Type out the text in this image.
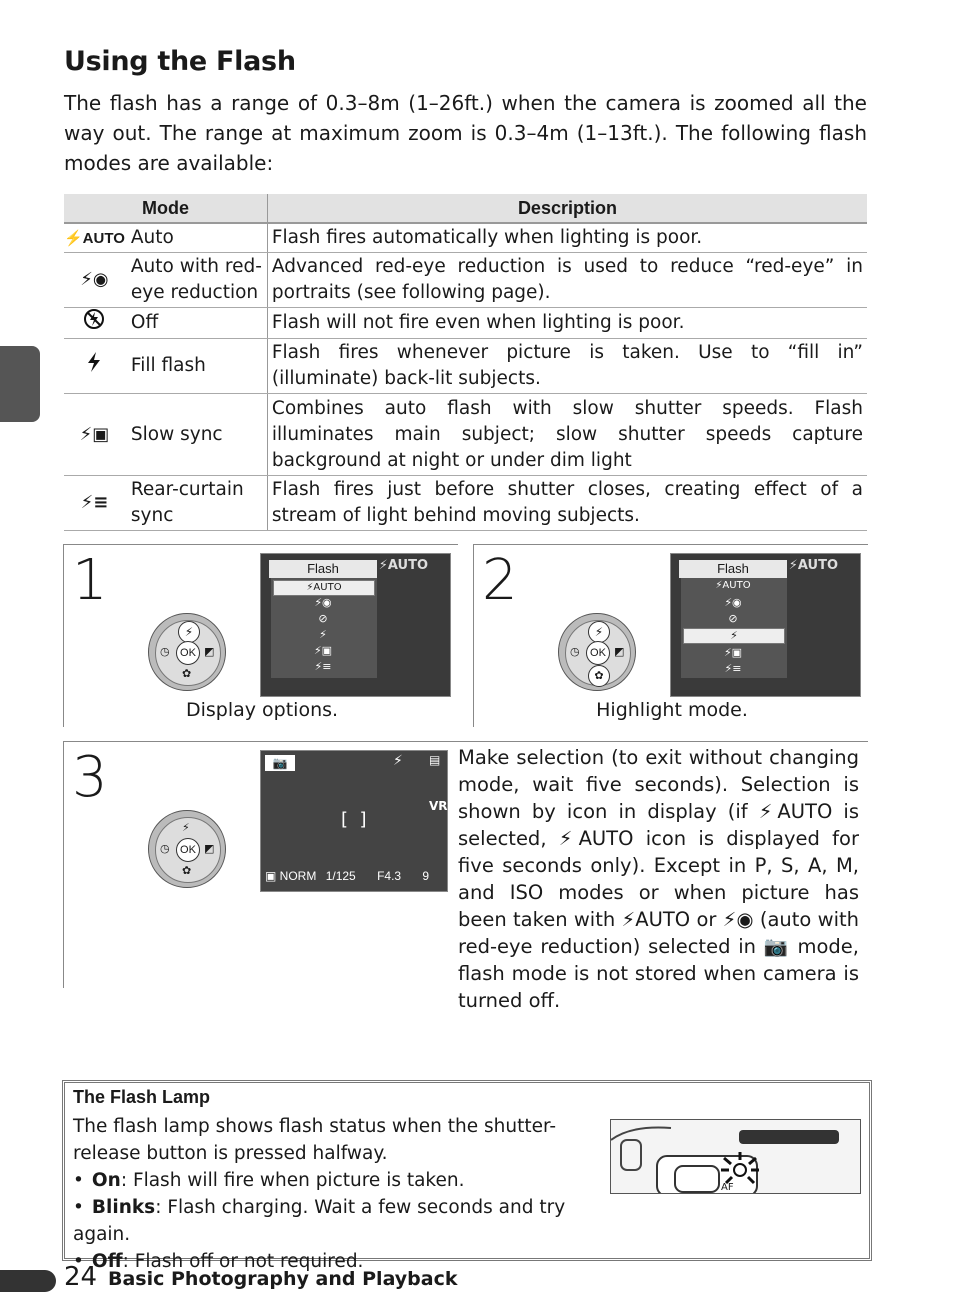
Using the Flash

The flash has a range of 0.3–8m (1–26ft.) when the camera is zoomed all the way out. The range at maximum zoom is 0.3–4m (1–13ft.). The following flash modes are available:

Mode		Description
⚡AUTO	Auto	Flash fires automatically when lighting is poor.
⚡◉	Auto with red-eye reduction	Advanced red-eye reduction is used to reduce “red-eye” in portraits (see following page).
	Off	Flash will not fire even when lighting is poor.
	Fill flash	Flash fires whenever picture is taken. Use to “fill in” (illuminate) back-lit subjects.
⚡▣	Slow sync	Combines auto flash with slow shutter speeds. Flash illuminates main subject; slow shutter speeds capture background at night or under dim light
⚡≡	Rear-curtain sync	Flash fires just before shutter closes, creating effect of a stream of light behind moving subjects.
1
⚡
OK
✿
◷	◩
Flash	⚡AUTO
⚡AUTO
⚡◉
⊘
⚡
⚡▣
⚡≡
Display options.
2
⚡
OK
✿
◷	◩
Flash	⚡AUTO
⚡AUTO
⚡◉
⊘
⚡
⚡▣
⚡≡
Highlight mode.
3
⚡
OK
✿
◷	◩
📷	⚡ ▤
VR
[  ]
▣ NORM 1/125 F4.3 9

Make selection (to exit without changing mode, wait five seconds). Selection is shown by icon in display (if ⚡AUTO is selected, ⚡AUTO icon is displayed for five seconds only). Except in P, S, A, M, and ISO modes or when picture has been taken with ⚡AUTO or ⚡◉ (auto with red-eye reduction) selected in 📷 mode, flash mode is not stored when camera is turned off.

The Flash Lamp
The flash lamp shows flash status when the shutter-release button is pressed halfway.
• On: Flash will fire when picture is taken.
• Blinks: Flash charging. Wait a few seconds and try again.
• Off: Flash off or not required.
AF
24 Basic Photography and Playback
